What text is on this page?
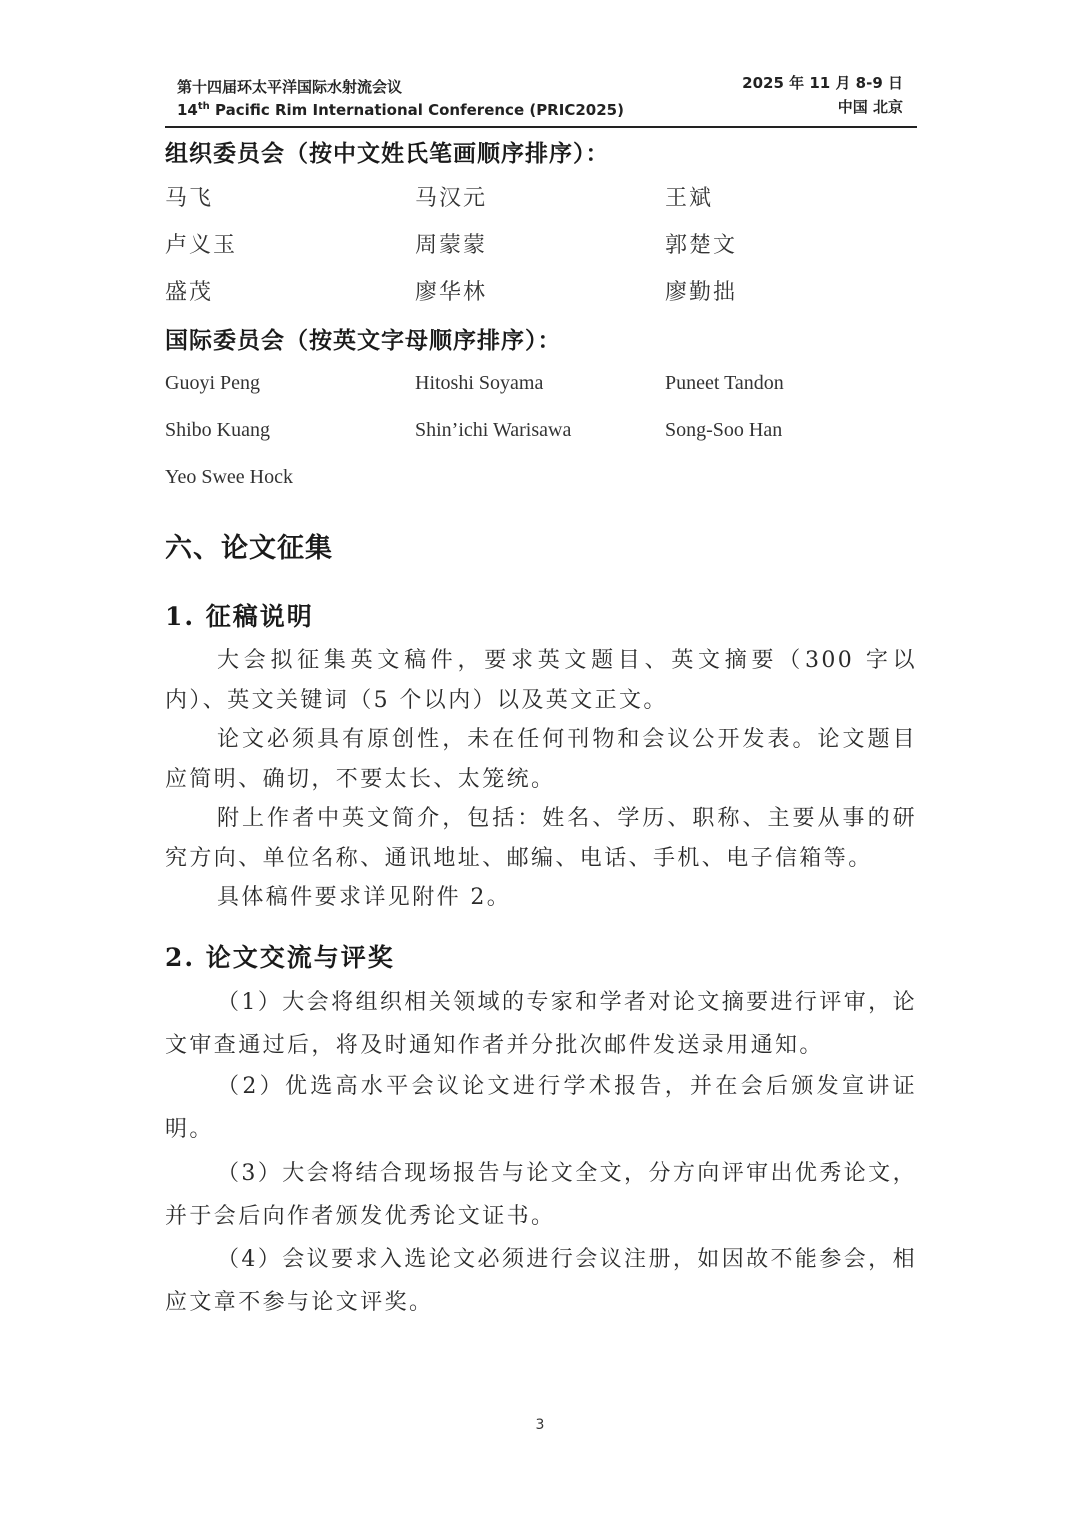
第十四届环太平洋国际水射流会议
14th Pacific Rim International Conference (PRIC2025)
2025 年 11 月 8-9 日
中国 北京
组织委员会（按中文姓氏笔画顺序排序）：
马飞	马汉元	王斌
卢义玉	周蒙蒙	郭楚文
盛茂	廖华林	廖勤拙
国际委员会（按英文字母顺序排序）：
Guoyi Peng	Hitoshi Soyama	Puneet Tandon
Shibo Kuang	Shin’ichi Warisawa	Song-Soo Han
Yeo Swee Hock
六、论文征集
1. 征稿说明
大会拟征集英文稿件，要求英文题目、英文摘要（300 字以内）、英文关键词（5 个以内）以及英文正文。
论文必须具有原创性，未在任何刊物和会议公开发表。论文题目应简明、确切，不要太长、太笼统。
附上作者中英文简介，包括：姓名、学历、职称、主要从事的研究方向、单位名称、通讯地址、邮编、电话、手机、电子信箱等。
具体稿件要求详见附件 2。
2. 论文交流与评奖
（1）大会将组织相关领域的专家和学者对论文摘要进行评审，论文审查通过后，将及时通知作者并分批次邮件发送录用通知。
（2）优选高水平会议论文进行学术报告，并在会后颁发宣讲证明。
（3）大会将结合现场报告与论文全文，分方向评审出优秀论文，并于会后向作者颁发优秀论文证书。
（4）会议要求入选论文必须进行会议注册，如因故不能参会，相应文章不参与论文评奖。
3
